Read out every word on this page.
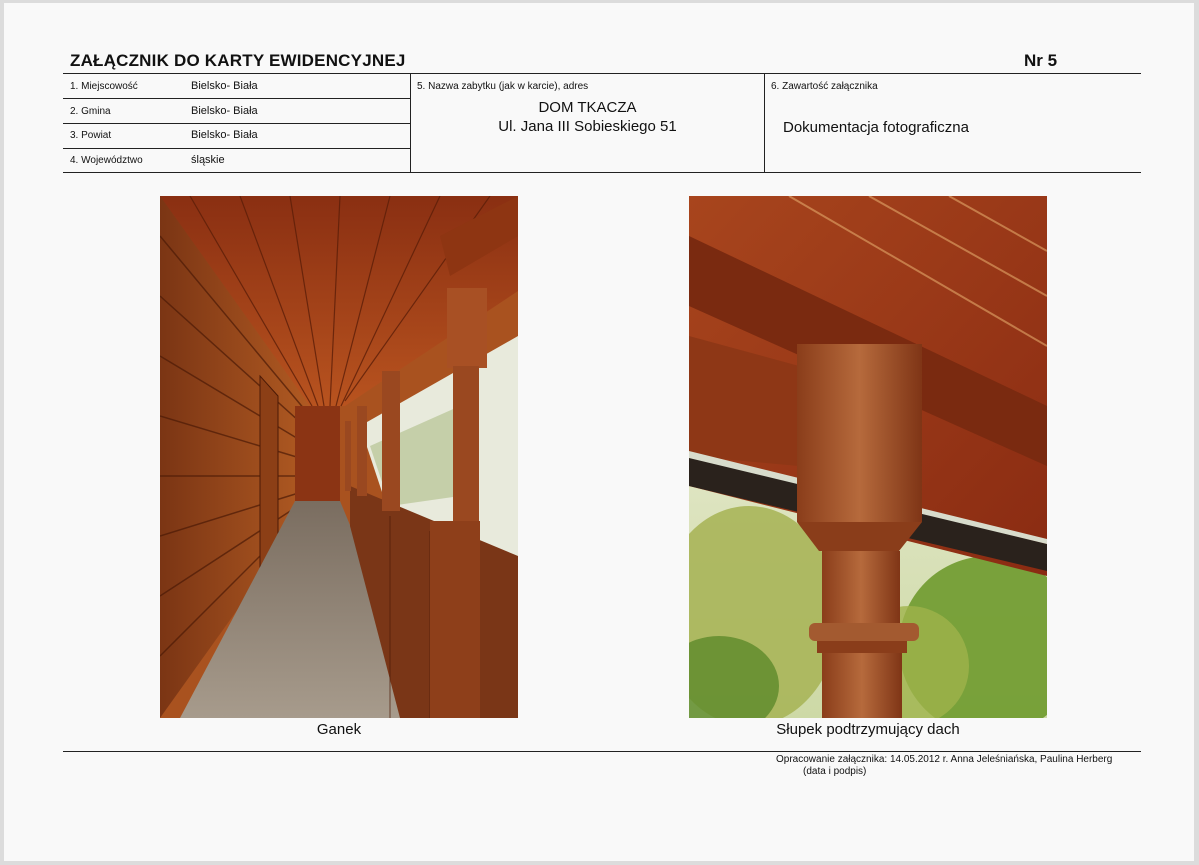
ZAŁĄCZNIK DO KARTY EWIDENCYJNEJ	Nr 5
1. Miejscowość	Bielsko- Biała
2. Gmina	Bielsko- Biała
3. Powiat	Bielsko- Biała
4. Województwo	śląskie
5. Nazwa zabytku (jak w karcie), adres
DOM TKACZA
Ul. Jana III Sobieskiego 51
6. Zawartość załącznika
Dokumentacja fotograficzna
Ganek	Słupek podtrzymujący dach
Opracowanie załącznika: 14.05.2012 r. Anna Jeleśniańska, Paulina Herberg
(data i podpis)
